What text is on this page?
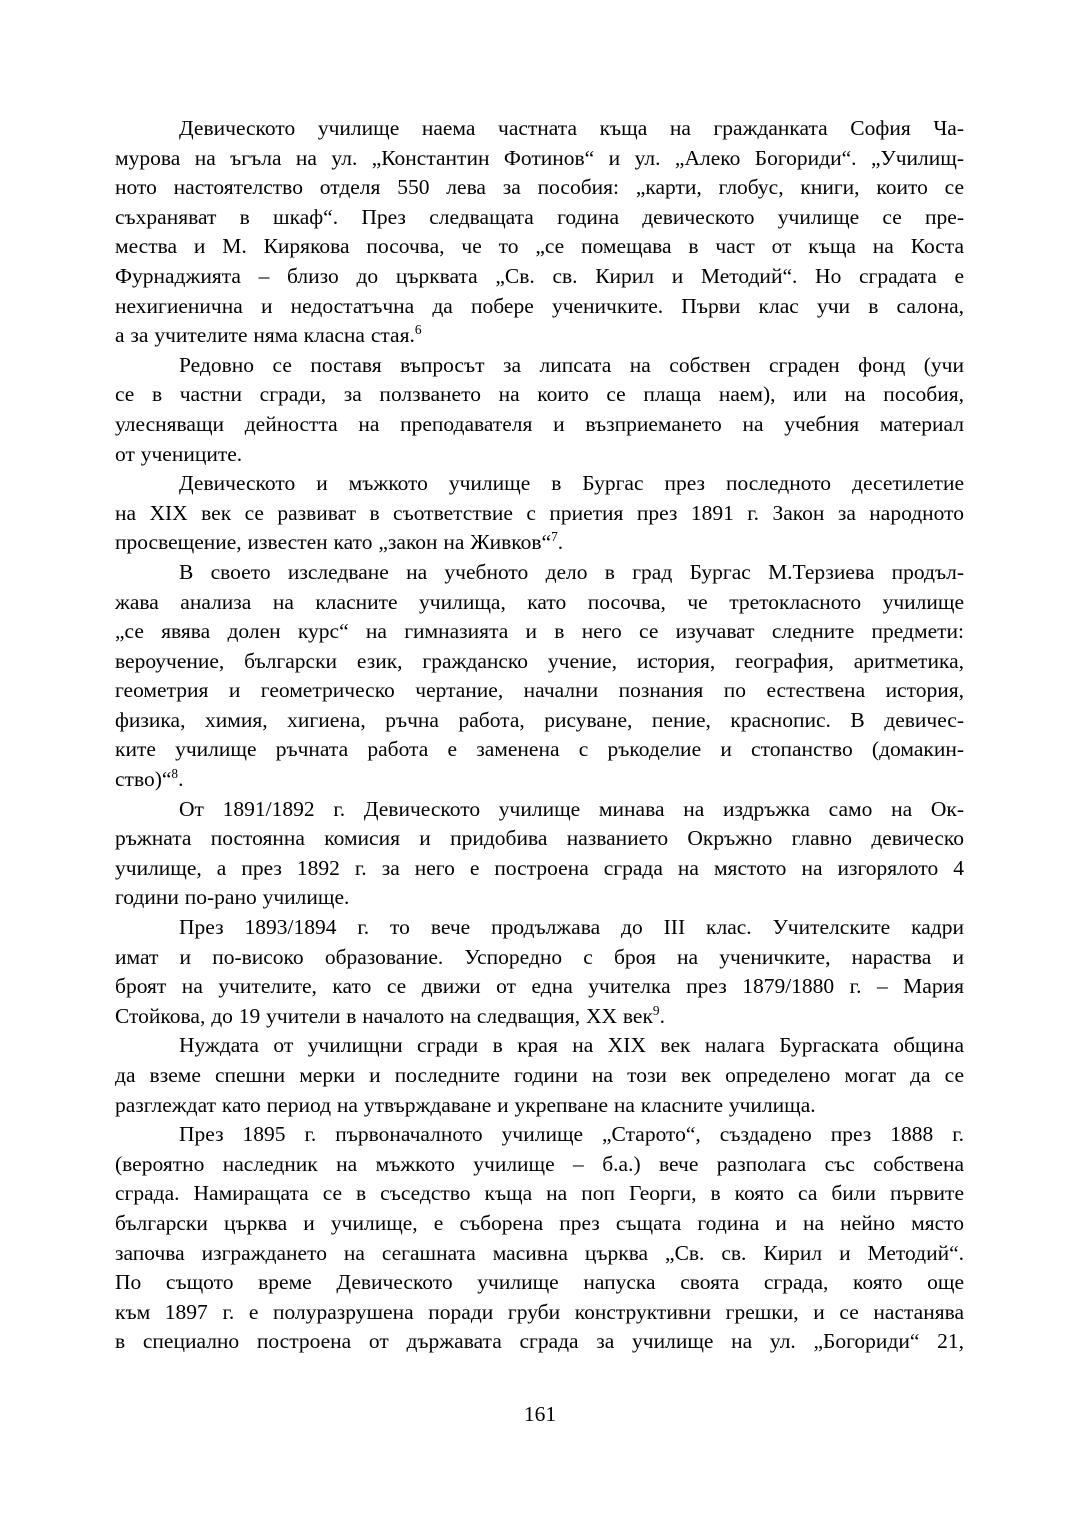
Девическото училище наема частната къща на гражданката София Ча-
мурова на ъгъла на ул. „Константин Фотинов“ и ул. „Алеко Богориди“. „Училищ-
ното настоятелство отделя 550 лева за пособия: „карти, глобус, книги, които се
съхраняват в шкаф“. През следващата година девическото училище се пре-
мества и М. Кирякова посочва, че то „се помещава в част от къща на Коста
Фурнаджията – близо до църквата „Св. св. Кирил и Методий“. Но сградата е
нехигиенична и недостатъчна да побере ученичките. Първи клас учи в салона,
а за учителите няма класна стая.$^6$
Редовно се поставя въпросът за липсата на собствен сграден фонд (учи
се в частни сгради, за ползването на които се плаща наем), или на пособия,
улесняващи дейността на преподавателя и възприемането на учебния материал
от учениците.
Девическото и мъжкото училище в Бургас през последното десетилетие
на XIX век се развиват в съответствие с приетия през 1891 г. Закон за народното
просвещение, известен като „закон на Живков“$^7$.
В своето изследване на учебното дело в град Бургас М.Терзиева продъл-
жава анализа на класните училища, като посочва, че третокласното училище
„се явява долен курс“ на гимназията и в него се изучават следните предмети:
вероучение, български език, гражданско учение, история, география, аритметика,
геометрия и геометрическо чертание, начални познания по естествена история,
физика, химия, хигиена, ръчна работа, рисуване, пение, краснопис. В девичес-
ките училище ръчната работа е заменена с ръкоделие и стопанство (домакин-
ство)“$^8$.
От 1891/1892 г. Девическото училище минава на издръжка само на Ок-
ръжната постоянна комисия и придобива названието Окръжно главно девическо
училище, а през 1892 г. за него е построена сграда на мястото на изгорялото 4
години по-рано училище.
През 1893/1894 г. то вече продължава до III клас. Учителските кадри
имат и по-високо образование. Успоредно с броя на ученичките, нараства и
броят на учителите, като се движи от една учителка през 1879/1880 г. – Мария
Стойкова, до 19 учители в началото на следващия, XX век$^9$.
Нуждата от училищни сгради в края на XIX век налага Бургаската община
да вземе спешни мерки и последните години на този век определено могат да се
разглеждат като период на утвърждаване и укрепване на класните училища.
През 1895 г. първоначалното училище „Старото“, създадено през 1888 г.
(вероятно наследник на мъжкото училище – б.а.) вече разполага със собствена
сграда. Намиращата се в съседство къща на поп Георги, в която са били първите
български църква и училище, е съборена през същата година и на нейно място
започва изграждането на сегашната масивна църква „Св. св. Кирил и Методий“.
По същото време Девическото училище напуска своята сграда, която още
към 1897 г. е полуразрушена поради груби конструктивни грешки, и се настанява
в специално построена от държавата сграда за училище на ул. „Богориди“ 21,
161
